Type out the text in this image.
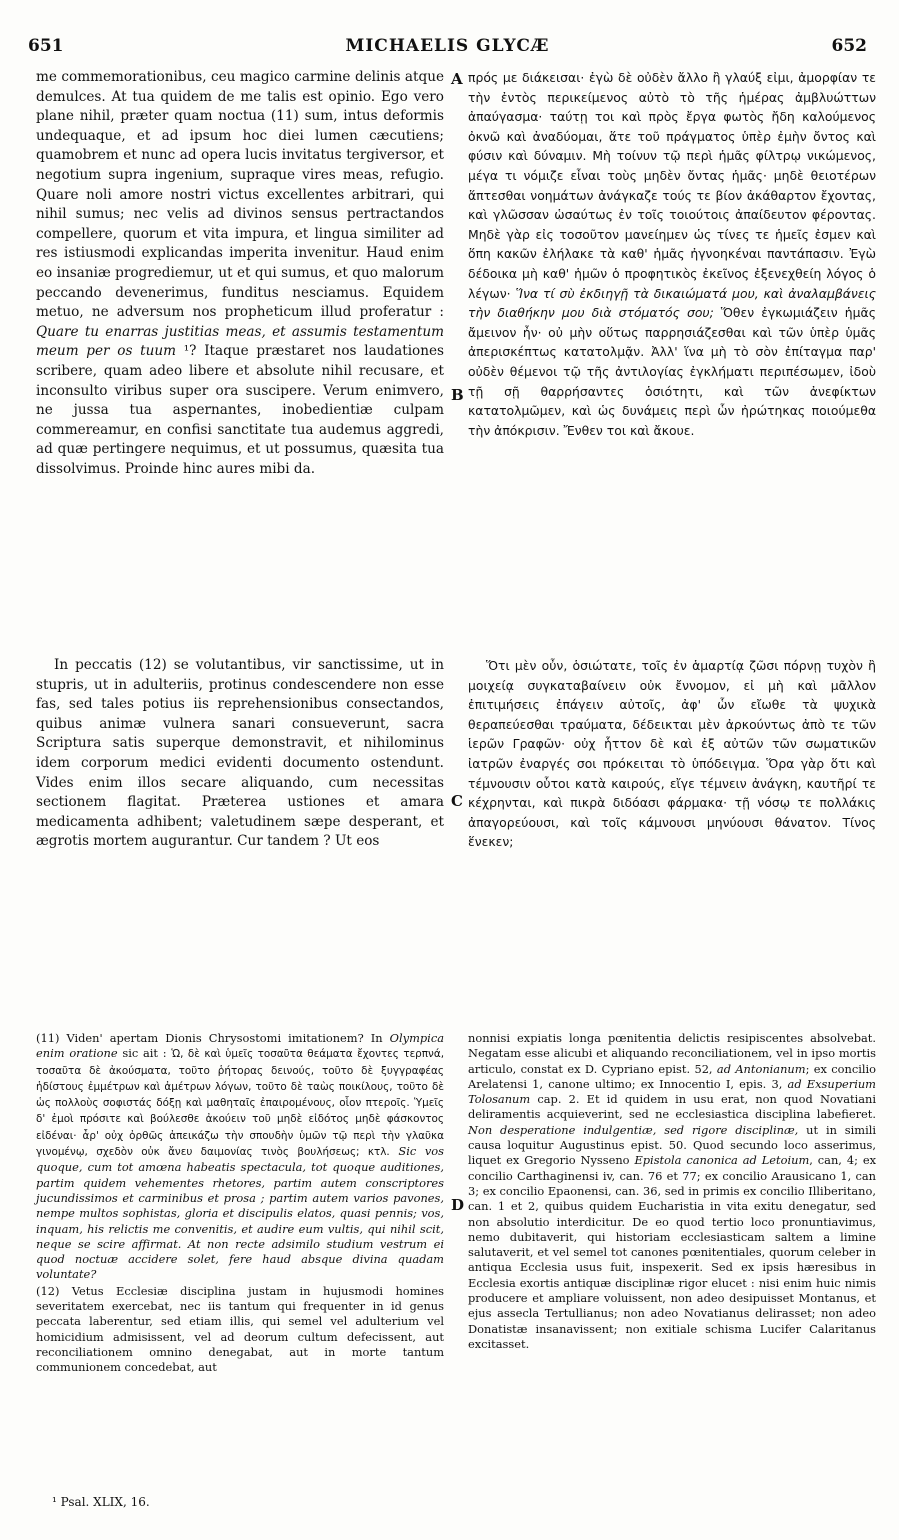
651	MICHAELIS GLYCÆ	652
A
B
C
D

me commemorationibus, ceu magico carmine delinis atque demulces. At tua quidem de me talis est opinio. Ego vero plane nihil, præter quam noctua (11) sum, intus deformis undequaque, et ad ipsum hoc diei lumen cæcutiens; quamobrem et nunc ad opera lucis invitatus tergiversor, et negotium supra ingenium, supraque vires meas, refugio. Quare noli amore nostri victus excellentes arbitrari, qui nihil sumus; nec velis ad divinos sensus pertractandos compellere, quorum et vita impura, et lingua similiter ad res istiusmodi explicandas imperita invenitur. Haud enim eo insaniæ progrediemur, ut et qui sumus, et quo malorum peccando devenerimus, funditus nesciamus. Equidem metuo, ne adversum nos propheticum illud proferatur : Quare tu enarras justitias meas, et assumis testamentum meum per os tuum ¹? Itaque præstaret nos laudationes scribere, quam adeo libere et absolute nihil recusare, et inconsulto viribus super ora suscipere. Verum enimvero, ne jussa tua aspernantes, inobedientiæ culpam commereamur, en confisi sanctitate tua audemus aggredi, ad quæ pertingere nequimus, et ut possumus, quæsita tua dissolvimus. Proinde hinc aures mibi da.

πρός με διάκεισαι· ἐγὼ δὲ οὐδὲν ἄλλο ἢ γλαύξ εἰμι, ἀμορφίαν τε τὴν ἐντὸς περικείμενος αὐτὸ τὸ τῆς ἡμέρας ἀμβλυώττων ἀπαύγασμα· ταύτῃ τοι καὶ πρὸς ἔργα φωτὸς ἤδη καλούμενος ὀκνῶ καὶ ἀναδύομαι, ἅτε τοῦ πράγματος ὑπὲρ ἐμὴν ὄντος καὶ φύσιν καὶ δύναμιν. Μὴ τοίνυν τῷ περὶ ἡμᾶς φίλτρῳ νικώμενος, μέγα τι νόμιζε εἶναι τοὺς μηδὲν ὄντας ἡμᾶς· μηδὲ θειοτέρων ἅπτεσθαι νοημάτων ἀνάγκαζε τούς τε βίον ἀκάθαρτον ἔχοντας, καὶ γλῶσσαν ὡσαύτως ἐν τοῖς τοιούτοις ἀπαίδευτον φέροντας. Μηδὲ γὰρ εἰς τοσοῦτον μανείημεν ὡς τίνες τε ἡμεῖς ἐσμεν καὶ ὅπη κακῶν ἐλήλακε τὰ καθ' ἡμᾶς ἠγνοηκέναι παντάπασιν. Ἐγὼ δέδοικα μὴ καθ' ἡμῶν ὁ προφητικὸς ἐκεῖνος ἐξενεχθείη λόγος ὁ λέγων· Ἵνα τί σὺ ἐκδιηγῇ τὰ δικαιώματά μου, καὶ ἀναλαμβάνεις τὴν διαθήκην μου διὰ στόματός σου; Ὅθεν ἐγκωμιάζειν ἡμᾶς ἄμεινον ἦν· οὐ μὴν οὕτως παρρησιάζεσθαι καὶ τῶν ὑπὲρ ὑμᾶς ἀπερισκέπτως κατατολμᾷν. Ἀλλ' ἵνα μὴ τὸ σὸν ἐπίταγμα παρ' οὐδὲν θέμενοι τῷ τῆς ἀντιλογίας ἐγκλήματι περιπέσωμεν, ἰδοὺ τῇ σῇ θαρρήσαντες ὁσιότητι, καὶ τῶν ἀνεφίκτων κατατολμῶμεν, καὶ ὡς δυνάμεις περὶ ὧν ἠρώτηκας ποιούμεθα τὴν ἀπόκρισιν. Ἔνθεν τοι καὶ ἄκουε.

In peccatis (12) se volutantibus, vir sanctissime, ut in stupris, ut in adulteriis, protinus condescendere non esse fas, sed tales potius iis reprehensionibus consectandos, quibus animæ vulnera sanari consueverunt, sacra Scriptura satis superque demonstravit, et nihilominus idem corporum medici evidenti documento ostendunt. Vides enim illos secare aliquando, cum necessitas sectionem flagitat. Præterea ustiones et amara medicamenta adhibent; valetudinem sæpe desperant, et ægrotis mortem augurantur. Cur tandem ? Ut eos

Ὅτι μὲν οὖν, ὁσιώτατε, τοῖς ἐν ἁμαρτίᾳ ζῶσι πόρνῃ τυχὸν ἢ μοιχείᾳ συγκαταβαίνειν οὐκ ἔννομον, εἰ μὴ καὶ μᾶλλον ἐπιτιμήσεις ἐπάγειν αὐτοῖς, ἀφ' ὧν εἴωθε τὰ ψυχικὰ θεραπεύεσθαι τραύματα, δέδεικται μὲν ἀρκούντως ἀπὸ τε τῶν ἱερῶν Γραφῶν· οὐχ ἧττον δὲ καὶ ἐξ αὐτῶν τῶν σωματικῶν ἰατρῶν ἐναργές σοι πρόκειται τὸ ὑπόδειγμα. Ὅρα γὰρ ὅτι καὶ τέμνουσιν οὗτοι κατὰ καιρούς, εἴγε τέμνειν ἀνάγκη, καυτῆρί τε κέχρηνται, καὶ πικρὰ διδόασι φάρμακα· τῇ νόσῳ τε πολλάκις ἀπαγορεύουσι, καὶ τοῖς κάμνουσι μηνύουσι θάνατον. Τίνος ἕνεκεν;

(11) Viden' apertam Dionis Chrysostomi imitationem? In Olympica enim oratione sic ait : Ὡ, δὲ καὶ ὑμεῖς τοσαῦτα θεάματα ἔχοντες τερπνά, τοσαῦτα δὲ ἀκούσματα, τοῦτο ῥήτορας δεινούς, τοῦτο δὲ ξυγγραφέας ἡδίστους ἐμμέτρων καὶ ἀμέτρων λόγων, τοῦτο δὲ ταὼς ποικίλους, τοῦτο δὲ ὡς πολλοὺς σοφιστάς δόξῃ καὶ μαθηταῖς ἐπαιρομένους, οἷον πτεροῖς. Ὑμεῖς δ' ἐμοὶ πρόσιτε καὶ βούλεσθε ἀκούειν τοῦ μηδὲ εἰδότος μηδὲ φάσκοντος εἰδέναι· ἆρ' οὐχ ὀρθῶς ἀπεικάζω τὴν σπουδὴν ὑμῶν τῷ περὶ τὴν γλαῦκα γινομένῳ, σχεδὸν οὐκ ἄνευ δαιμονίας τινὸς βουλήσεως; κτλ. Sic vos quoque, cum tot amœna habeatis spectacula, tot quoque auditiones, partim quidem vehementes rhetores, partim autem conscriptores jucundissimos et carminibus et prosa ; partim autem varios pavones, nempe multos sophistas, gloria et discipulis elatos, quasi pennis; vos, inquam, his relictis me convenitis, et audire eum vultis, qui nihil scit, neque se scire affirmat. At non recte adsimilo studium vestrum ei quod noctuæ accidere solet, fere haud absque divina quadam voluntate?

(12) Vetus Ecclesiæ disciplina justam in hujusmodi homines severitatem exercebat, nec iis tantum qui frequenter in id genus peccata laberentur, sed etiam illis, qui semel vel adulterium vel homicidium admisissent, vel ad deorum cultum defecissent, aut reconciliationem omnino denegabat, aut in morte tantum communionem concedebat, aut

nonnisi expiatis longa pœnitentia delictis resipiscentes absolvebat. Negatam esse alicubi et aliquando reconciliationem, vel in ipso mortis articulo, constat ex D. Cypriano epist. 52, ad Antonianum; ex concilio Arelatensi 1, canone ultimo; ex Innocentio I, epis. 3, ad Exsuperium Tolosanum cap. 2. Et id quidem in usu erat, non quod Novatiani deliramentis acquieverint, sed ne ecclesiastica disciplina labefieret. Non desperatione indulgentiæ, sed rigore disciplinæ, ut in simili causa loquitur Augustinus epist. 50. Quod secundo loco asserimus, liquet ex Gregorio Nysseno Epistola canonica ad Letoium, can, 4; ex concilio Carthaginensi iv, can. 76 et 77; ex concilio Arausicano 1, can 3; ex concilio Epaonensi, can. 36, sed in primis ex concilio Illiberitano, can. 1 et 2, quibus quidem Eucharistia in vita exitu denegatur, sed non absolutio interdicitur. De eo quod tertio loco pronuntiavimus, nemo dubitaverit, qui historiam ecclesiasticam saltem a limine salutaverit, et vel semel tot canones pœnitentiales, quorum celeber in antiqua Ecclesia usus fuit, inspexerit. Sed ex ipsis hæresibus in Ecclesia exortis antiquæ disciplinæ rigor elucet : nisi enim huic nimis producere et ampliare voluissent, non adeo desipuisset Montanus, et ejus assecla Tertullianus; non adeo Novatianus delirasset; non adeo Donatistæ insanavissent; non exitiale schisma Lucifer Calaritanus excitasset.

¹ Psal. XLIX, 16.
